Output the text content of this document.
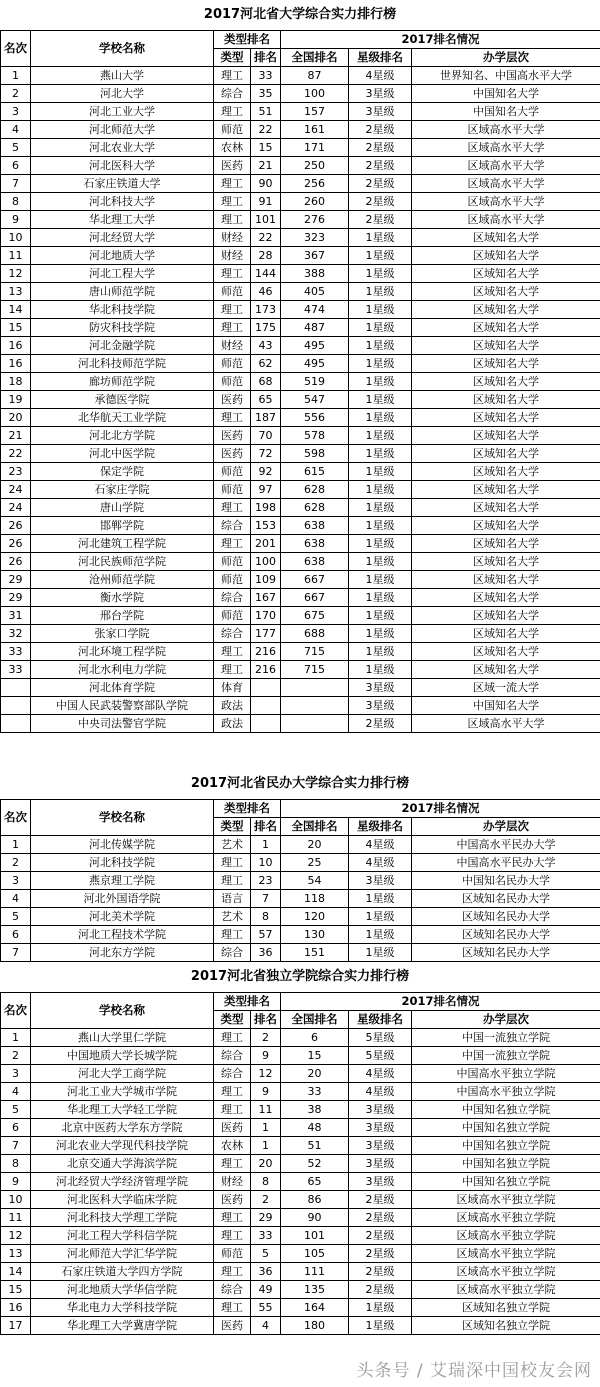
2017河北省大学综合实力排行榜
名次	学校名称	类型排名		2017排名情况		
		类型	排名	全国排名	星级排名	办学层次
1	燕山大学	理工	33	87	4星级	世界知名、中国高水平大学
2	河北大学	综合	35	100	3星级	中国知名大学
3	河北工业大学	理工	51	157	3星级	中国知名大学
4	河北师范大学	师范	22	161	2星级	区域高水平大学
5	河北农业大学	农林	15	171	2星级	区域高水平大学
6	河北医科大学	医药	21	250	2星级	区域高水平大学
7	石家庄铁道大学	理工	90	256	2星级	区域高水平大学
8	河北科技大学	理工	91	260	2星级	区域高水平大学
9	华北理工大学	理工	101	276	2星级	区域高水平大学
10	河北经贸大学	财经	22	323	1星级	区域知名大学
11	河北地质大学	财经	28	367	1星级	区域知名大学
12	河北工程大学	理工	144	388	1星级	区域知名大学
13	唐山师范学院	师范	46	405	1星级	区域知名大学
14	华北科技学院	理工	173	474	1星级	区域知名大学
15	防灾科技学院	理工	175	487	1星级	区域知名大学
16	河北金融学院	财经	43	495	1星级	区域知名大学
16	河北科技师范学院	师范	62	495	1星级	区域知名大学
18	廊坊师范学院	师范	68	519	1星级	区域知名大学
19	承德医学院	医药	65	547	1星级	区域知名大学
20	北华航天工业学院	理工	187	556	1星级	区域知名大学
21	河北北方学院	医药	70	578	1星级	区域知名大学
22	河北中医学院	医药	72	598	1星级	区域知名大学
23	保定学院	师范	92	615	1星级	区域知名大学
24	石家庄学院	师范	97	628	1星级	区域知名大学
24	唐山学院	理工	198	628	1星级	区域知名大学
26	邯郸学院	综合	153	638	1星级	区域知名大学
26	河北建筑工程学院	理工	201	638	1星级	区域知名大学
26	河北民族师范学院	师范	100	638	1星级	区域知名大学
29	沧州师范学院	师范	109	667	1星级	区域知名大学
29	衡水学院	综合	167	667	1星级	区域知名大学
31	邢台学院	师范	170	675	1星级	区域知名大学
32	张家口学院	综合	177	688	1星级	区域知名大学
33	河北环境工程学院	理工	216	715	1星级	区域知名大学
33	河北水利电力学院	理工	216	715	1星级	区域知名大学
	河北体育学院	体育			3星级	区域一流大学
	中国人民武装警察部队学院	政法			3星级	中国知名大学
	中央司法警官学院	政法			2星级	区域高水平大学
2017河北省民办大学综合实力排行榜
名次	学校名称	类型排名		2017排名情况		
		类型	排名	全国排名	星级排名	办学层次
1	河北传媒学院	艺术	1	20	4星级	中国高水平民办大学
2	河北科技学院	理工	10	25	4星级	中国高水平民办大学
3	燕京理工学院	理工	23	54	3星级	中国知名民办大学
4	河北外国语学院	语言	7	118	1星级	区域知名民办大学
5	河北美术学院	艺术	8	120	1星级	区域知名民办大学
6	河北工程技术学院	理工	57	130	1星级	区域知名民办大学
7	河北东方学院	综合	36	151	1星级	区域知名民办大学
2017河北省独立学院综合实力排行榜
名次	学校名称	类型排名		2017排名情况		
		类型	排名	全国排名	星级排名	办学层次
1	燕山大学里仁学院	理工	2	6	5星级	中国一流独立学院
2	中国地质大学长城学院	综合	9	15	5星级	中国一流独立学院
3	河北大学工商学院	综合	12	20	4星级	中国高水平独立学院
4	河北工业大学城市学院	理工	9	33	4星级	中国高水平独立学院
5	华北理工大学轻工学院	理工	11	38	3星级	中国知名独立学院
6	北京中医药大学东方学院	医药	1	48	3星级	中国知名独立学院
7	河北农业大学现代科技学院	农林	1	51	3星级	中国知名独立学院
8	北京交通大学海滨学院	理工	20	52	3星级	中国知名独立学院
9	河北经贸大学经济管理学院	财经	8	65	3星级	中国知名独立学院
10	河北医科大学临床学院	医药	2	86	2星级	区域高水平独立学院
11	河北科技大学理工学院	理工	29	90	2星级	区域高水平独立学院
12	河北工程大学科信学院	理工	33	101	2星级	区域高水平独立学院
13	河北师范大学汇华学院	师范	5	105	2星级	区域高水平独立学院
14	石家庄铁道大学四方学院	理工	36	111	2星级	区域高水平独立学院
15	河北地质大学华信学院	综合	49	135	2星级	区域高水平独立学院
16	华北电力大学科技学院	理工	55	164	1星级	区域知名独立学院
17	华北理工大学冀唐学院	医药	4	180	1星级	区域知名独立学院
头条号 / 艾瑞深中国校友会网
